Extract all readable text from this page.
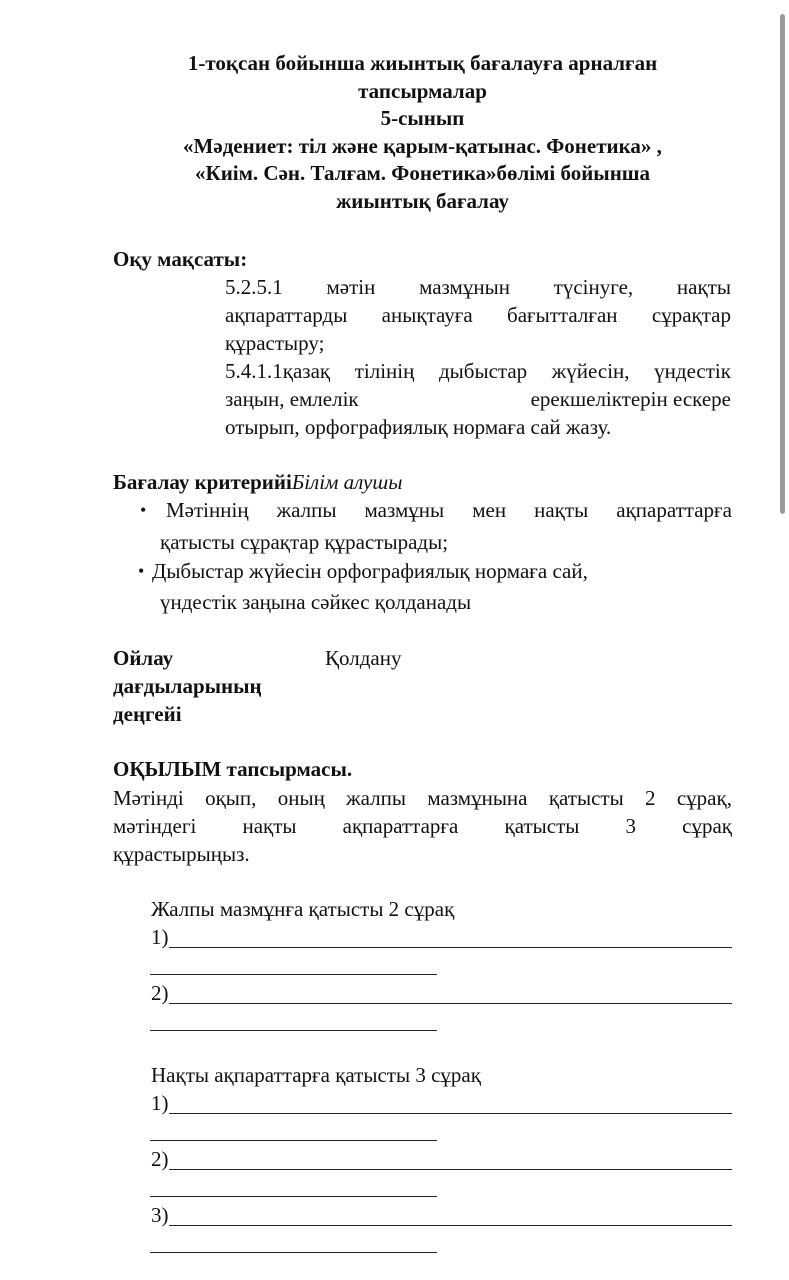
1-тоқсан бойынша жиынтық бағалауға арналған
тапсырмалар
5-сынып
«Мәдениет: тіл және қарым-қатынас. Фонетика» ,
«Киім. Сән. Талғам. Фонетика»бөлімі бойынша
жиынтық бағалау
Оқу мақсаты:
5.2.5.1 мәтін мазмұнын түсінуге, нақты
ақпараттарды анықтауға бағытталған сұрақтар
құрастыру;
5.4.1.1қазақ тілінің дыбыстар жүйесін, үндестік
заңын, емлелік	ерекшеліктерін ескере
отырып, орфографиялық нормаға сай жазу.
Бағалау критерийіБілім алушы
• Мәтіннің жалпы мазмұны мен нақты ақпараттарға
қатысты сұрақтар құрастырады;
• Дыбыстар жүйесін орфографиялық нормаға сай,
үндестік заңына сәйкес қолданады
Ойлау
дағдыларының
деңгейі
Қолдану
ОҚЫЛЫМ тапсырмасы.
Мәтінді оқып, оның жалпы мазмұнына қатысты 2 сұрақ,
мәтіндегі нақты ақпараттарға қатысты 3 сұрақ
құрастырыңыз.
Жалпы мазмұнға қатысты 2 сұрақ
1)
2)
Нақты ақпараттарға қатысты 3 сұрақ
1)
2)
3)
